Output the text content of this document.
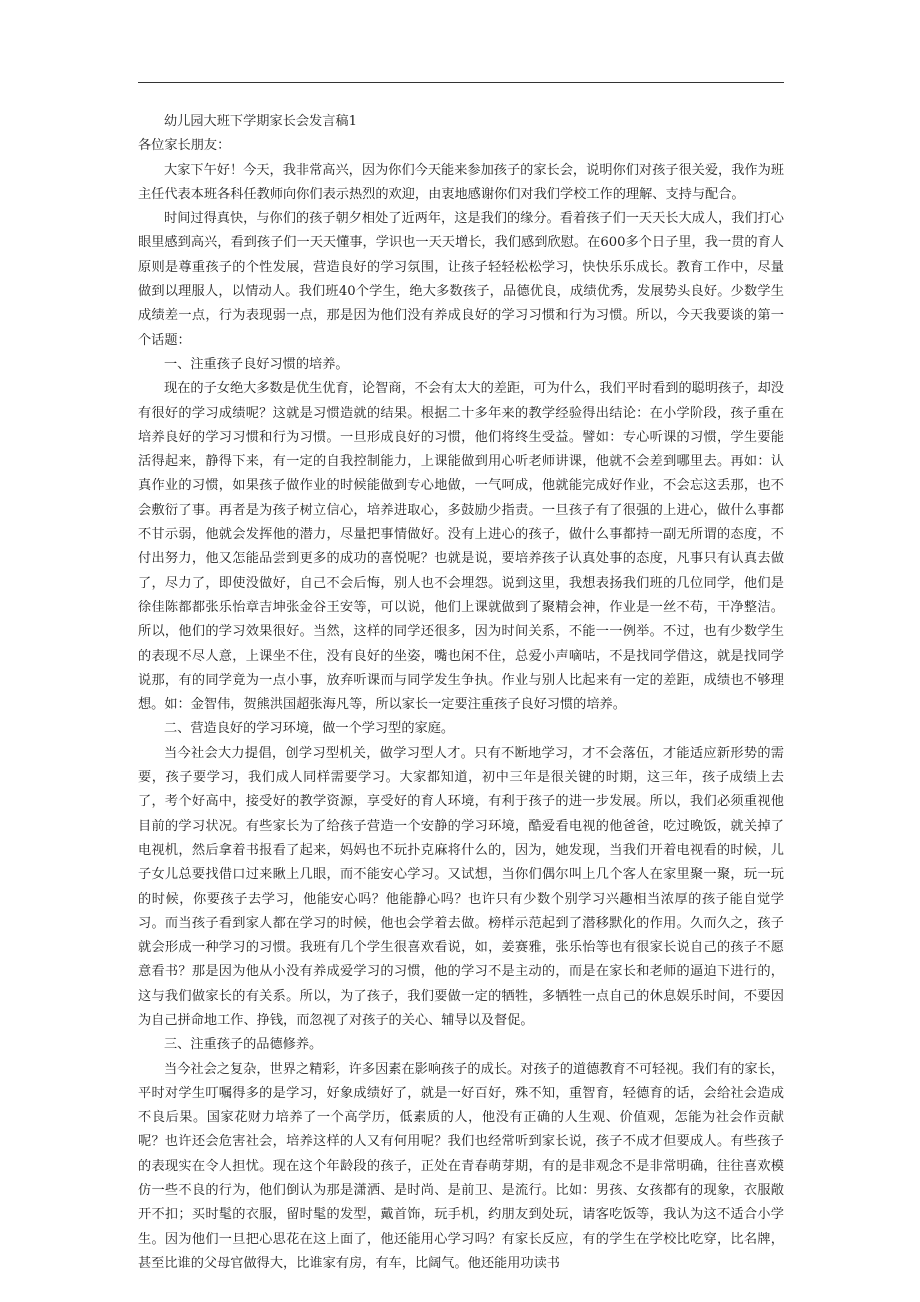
幼儿园大班下学期家长会发言稿1

各位家长朋友：

大家下午好！今天，我非常高兴，因为你们今天能来参加孩子的家长会，说明你们对孩子很关爱，我作为班主任代表本班各科任教师向你们表示热烈的欢迎，由衷地感谢你们对我们学校工作的理解、支持与配合。

时间过得真快，与你们的孩子朝夕相处了近两年，这是我们的缘分。看着孩子们一天天长大成人，我们打心眼里感到高兴，看到孩子们一天天懂事，学识也一天天增长，我们感到欣慰。在600多个日子里，我一贯的育人原则是尊重孩子的个性发展，营造良好的学习氛围，让孩子轻轻松松学习，快快乐乐成长。教育工作中，尽量做到以理服人，以情动人。我们班40个学生，绝大多数孩子，品德优良，成绩优秀，发展势头良好。少数学生成绩差一点，行为表现弱一点，那是因为他们没有养成良好的学习习惯和行为习惯。所以，今天我要谈的第一个话题：

一、注重孩子良好习惯的培养。

现在的子女绝大多数是优生优育，论智商，不会有太大的差距，可为什么，我们平时看到的聪明孩子，却没有很好的学习成绩呢？这就是习惯造就的结果。根据二十多年来的教学经验得出结论：在小学阶段，孩子重在培养良好的学习习惯和行为习惯。一旦形成良好的习惯，他们将终生受益。譬如：专心听课的习惯，学生要能活得起来，静得下来，有一定的自我控制能力，上课能做到用心听老师讲课，他就不会差到哪里去。再如：认真作业的习惯，如果孩子做作业的时候能做到专心地做，一气呵成，他就能完成好作业，不会忘这丢那，也不会敷衍了事。再者是为孩子树立信心，培养进取心，多鼓励少指责。一旦孩子有了很强的上进心，做什么事都不甘示弱，他就会发挥他的潜力，尽量把事情做好。没有上进心的孩子，做什么事都持一副无所谓的态度，不付出努力，他又怎能品尝到更多的成功的喜悦呢？也就是说，要培养孩子认真处事的态度，凡事只有认真去做了，尽力了，即使没做好，自己不会后悔，别人也不会埋怨。说到这里，我想表扬我们班的几位同学，他们是徐佳陈都都张乐怡章吉坤张金谷王安等，可以说，他们上课就做到了聚精会神，作业是一丝不苟，干净整洁。所以，他们的学习效果很好。当然，这样的同学还很多，因为时间关系，不能一一例举。不过，也有少数学生的表现不尽人意，上课坐不住，没有良好的坐姿，嘴也闲不住，总爱小声嘀咕，不是找同学借这，就是找同学说那，有的同学竟为一点小事，放弃听课而与同学发生争执。作业与别人比起来有一定的差距，成绩也不够理想。如：金智伟，贺熊洪国超张海凡等，所以家长一定要注重孩子良好习惯的培养。

二、营造良好的学习环境，做一个学习型的家庭。

当今社会大力提倡，创学习型机关，做学习型人才。只有不断地学习，才不会落伍，才能适应新形势的需要，孩子要学习，我们成人同样需要学习。大家都知道，初中三年是很关键的时期，这三年，孩子成绩上去了，考个好高中，接受好的教学资源，享受好的育人环境，有利于孩子的进一步发展。所以，我们必须重视他目前的学习状况。有些家长为了给孩子营造一个安静的学习环境，酷爱看电视的他爸爸，吃过晚饭，就关掉了电视机，然后拿着书报看了起来，妈妈也不玩扑克麻将什么的，因为，她发现，当我们开着电视看的时候，儿子女儿总要找借口过来瞅上几眼，而不能安心学习。又试想，当你们偶尔叫上几个客人在家里聚一聚，玩一玩的时候，你要孩子去学习，他能安心吗？他能静心吗？也许只有少数个别学习兴趣相当浓厚的孩子能自觉学习。而当孩子看到家人都在学习的时候，他也会学着去做。榜样示范起到了潜移默化的作用。久而久之，孩子就会形成一种学习的习惯。我班有几个学生很喜欢看说，如，姜赛雅，张乐怡等也有很家长说自己的孩子不愿意看书？那是因为他从小没有养成爱学习的习惯，他的学习不是主动的，而是在家长和老师的逼迫下进行的，这与我们做家长的有关系。所以，为了孩子，我们要做一定的牺牲，多牺牲一点自己的休息娱乐时间，不要因为自己拼命地工作、挣钱，而忽视了对孩子的关心、辅导以及督促。

三、注重孩子的品德修养。

当今社会之复杂，世界之精彩，许多因素在影响孩子的成长。对孩子的道德教育不可轻视。我们有的家长，平时对学生叮嘱得多的是学习，好象成绩好了，就是一好百好，殊不知，重智育，轻德育的话，会给社会造成不良后果。国家花财力培养了一个高学历，低素质的人，他没有正确的人生观、价值观，怎能为社会作贡献呢？也许还会危害社会，培养这样的人又有何用呢？我们也经常听到家长说，孩子不成才但要成人。有些孩子的表现实在令人担忧。现在这个年龄段的孩子，正处在青春萌芽期，有的是非观念不是非常明确，往往喜欢模仿一些不良的行为，他们倒认为那是潇洒、是时尚、是前卫、是流行。比如：男孩、女孩都有的现象，衣服敞开不扣；买时髦的衣服，留时髦的发型，戴首饰，玩手机，约朋友到处玩，请客吃饭等，我认为这不适合小学生。因为他们一旦把心思花在这上面了，他还能用心学习吗？有家长反应，有的学生在学校比吃穿，比名牌，甚至比谁的父母官做得大，比谁家有房，有车，比阔气。他还能用功读书
